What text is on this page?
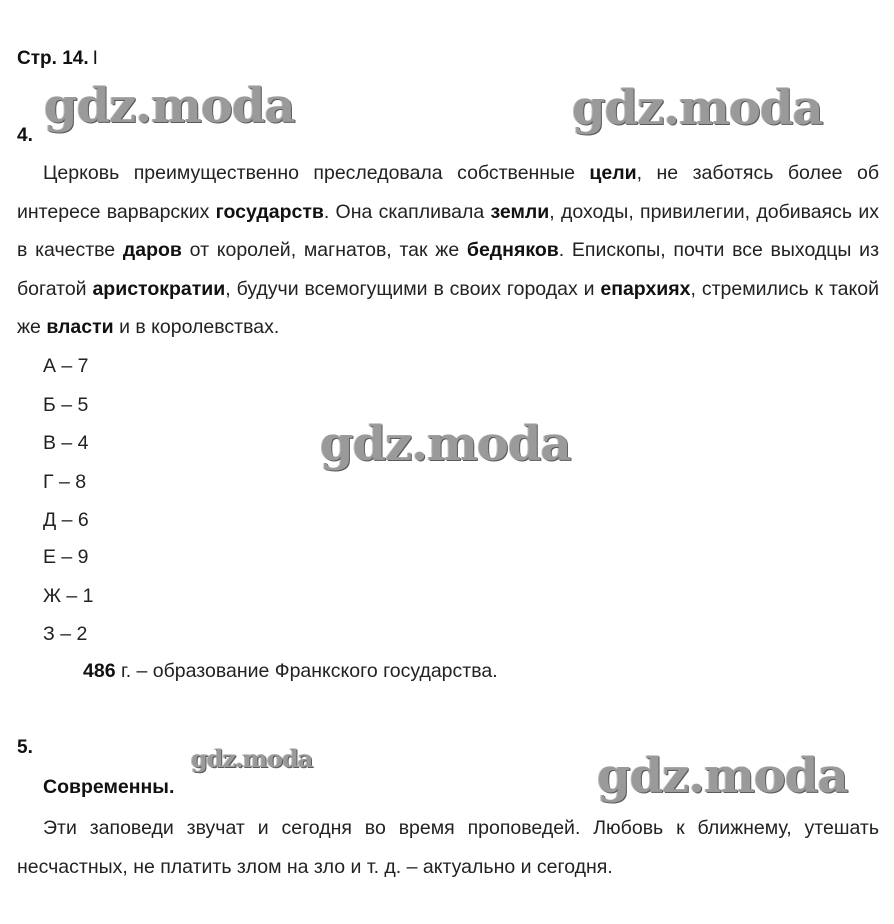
Стр. 14. I
4.

Церковь преимущественно преследовала собственные цели, не заботясь более об интересе варварских государств. Она скапливала земли, доходы, привилегии, добиваясь их в качестве даров от королей, магнатов, так же бедняков. Епископы, почти все выходцы из богатой аристократии, будучи всемогущими в своих городах и епархиях, стремились к такой же власти и в королевствах.

А – 7
Б – 5
В – 4
Г – 8
Д – 6
Е – 9
Ж – 1
З – 2
486 г. – образование Франкского государства.
5.
Современны.

Эти заповеди звучат и сегодня во время проповедей. Любовь к ближнему, утешать несчастных, не платить злом на зло и т. д. – актуально и сегодня.

gdz.moda	gdz.moda
gdz.moda
gdz.moda	gdz.moda
